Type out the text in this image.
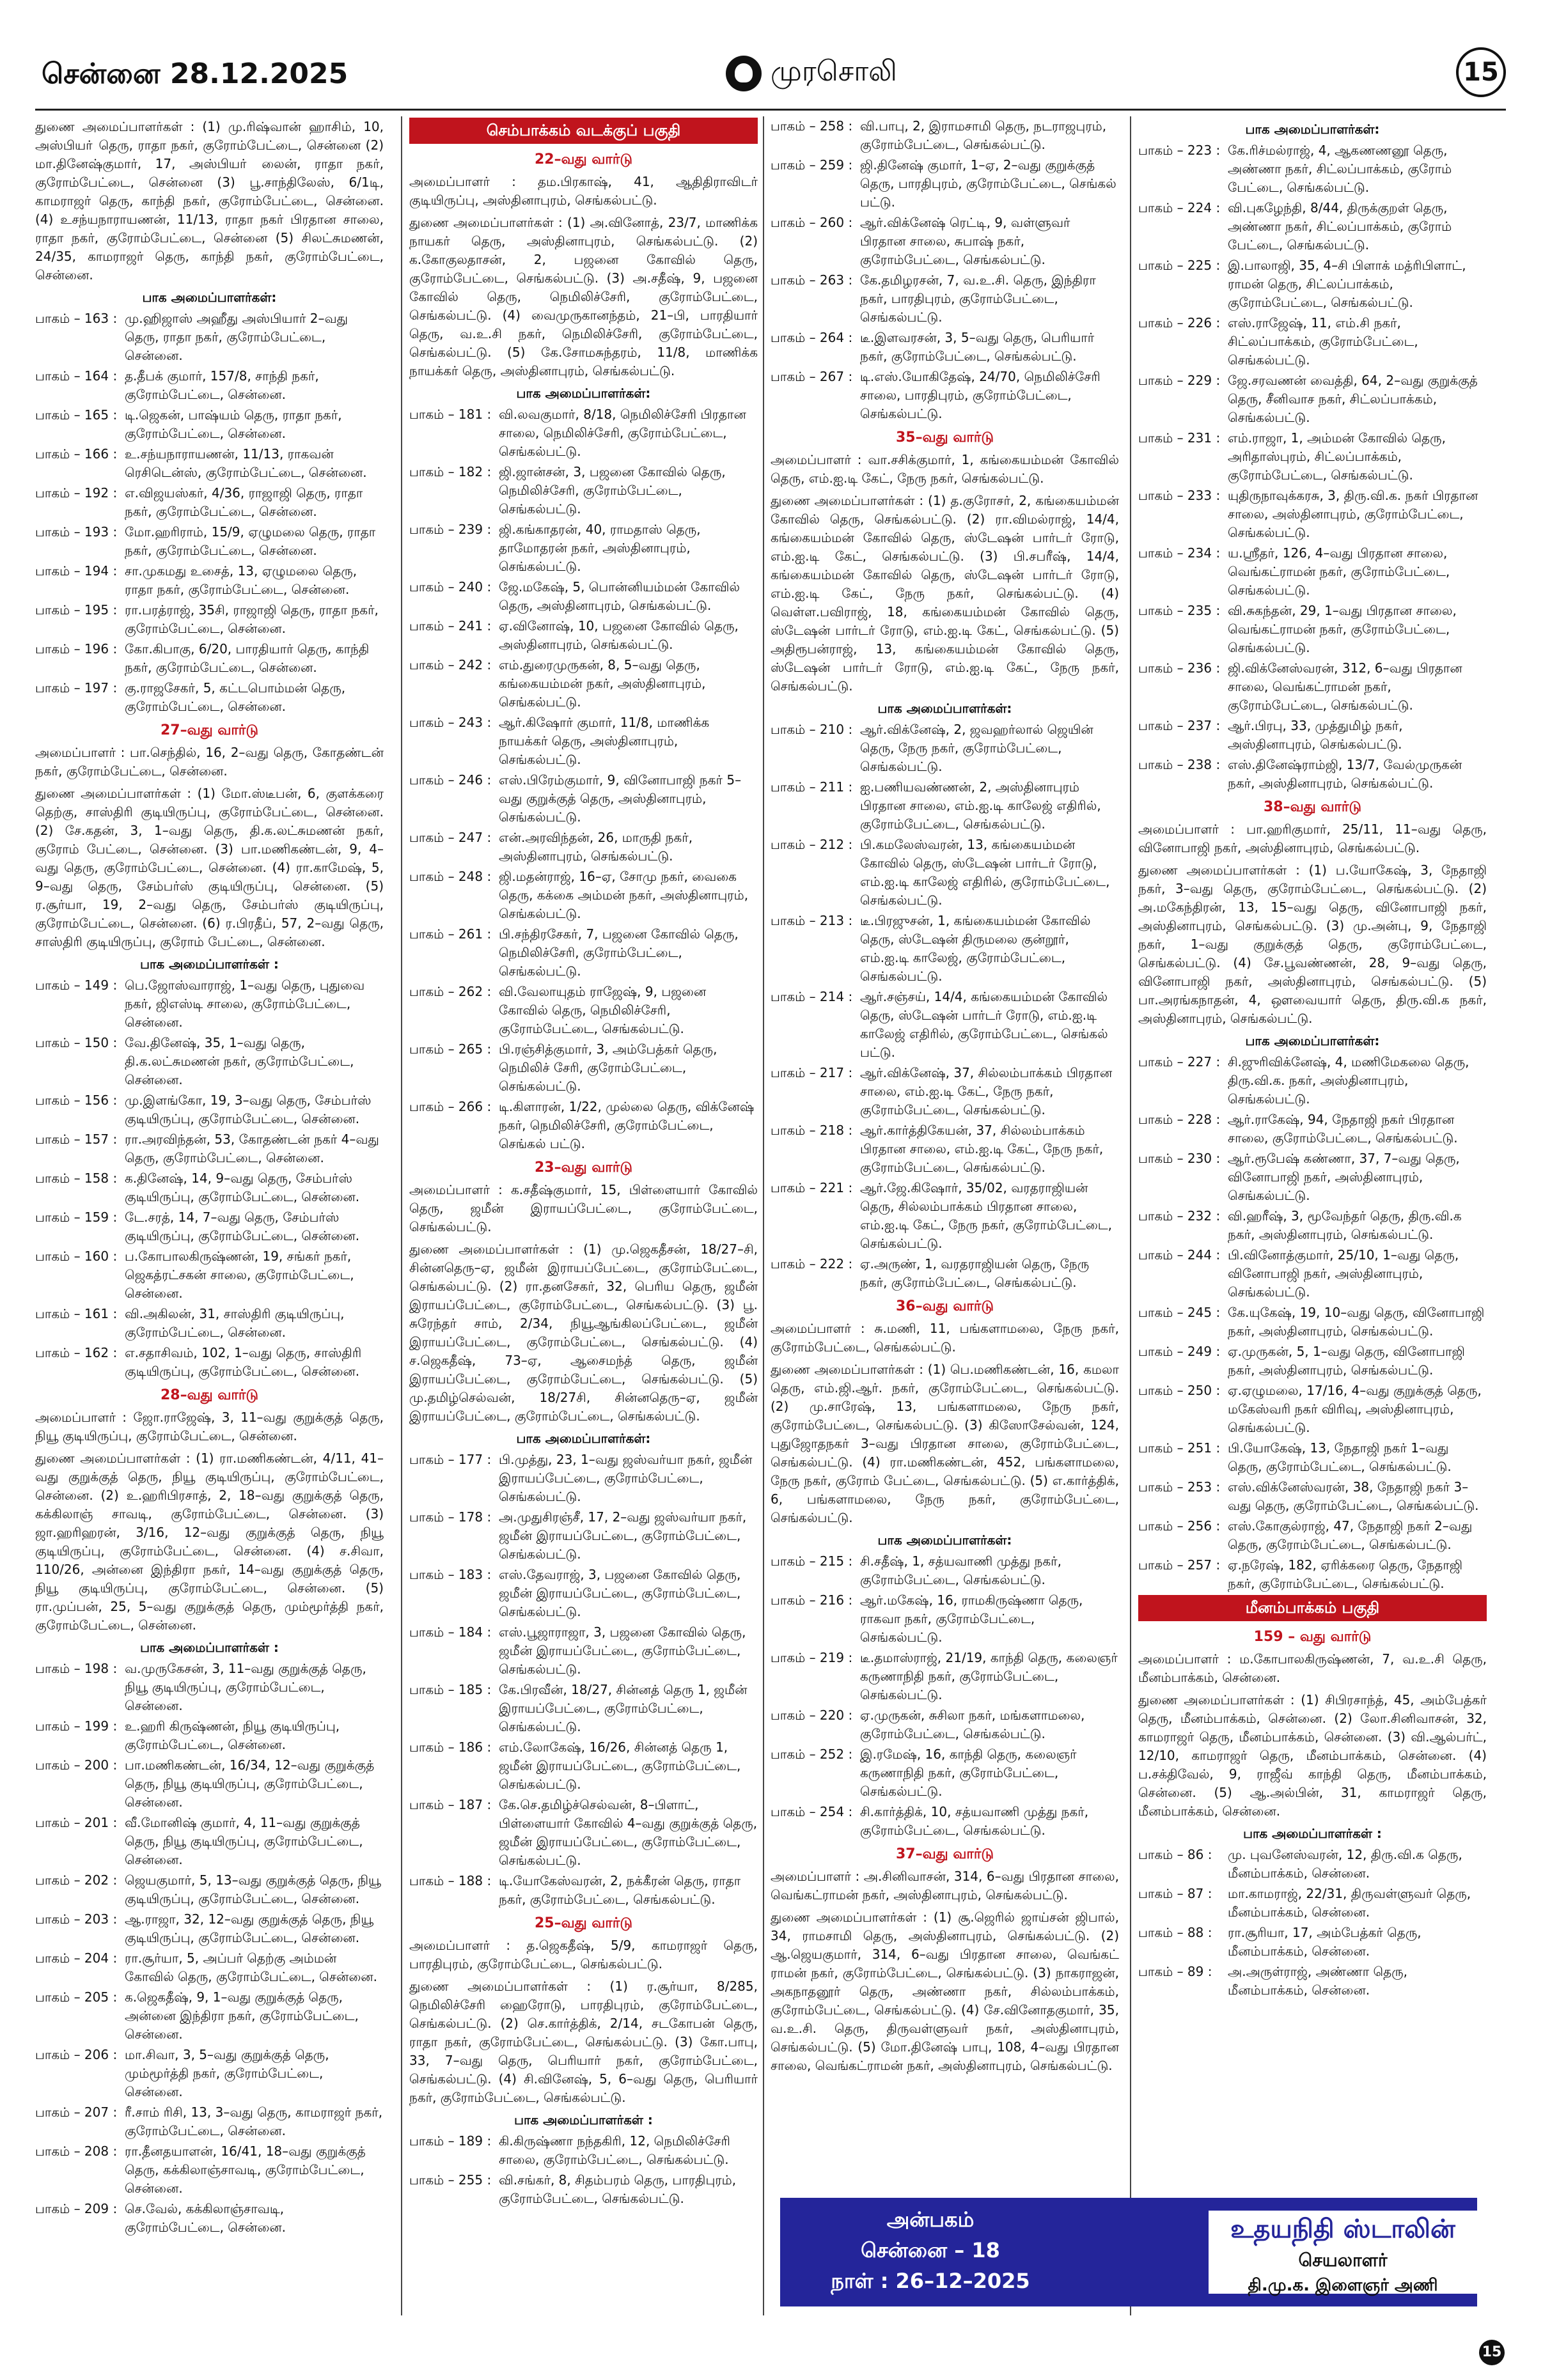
சென்னை 28.12.2025	முரசொலி	15
துணை அமைப்பாளர்கள் : (1) மு.ரிஷ்வான் ஹாசிம், 10, அஸ்பியா் தெரு, ராதா நகர், குரோம்பேட்டை, சென்னை (2) மா.தினேஷ்குமார், 17, அஸ்பியா் லைன், ராதா நகர், குரோம்பேட்டை, சென்னை (3) பூ.சாந்திலேஸ், 6/1டி, காமராஜர் தெரு, காந்தி நகர், குரோம்பேட்டை, சென்னை. (4) உசந்யநாராயணன், 11/13, ராதா நகர் பிரதான சாலை, ராதா நகர், குரோம்பேட்டை, சென்னை (5) சிலட்சுமணன், 24/35, காமராஜர் தெரு, காந்தி நகர், குரோம்பேட்டை, சென்னை.
பாக அமைப்பாளர்கள்:
பாகம் – 163 : மு.ஹிஜாஸ் அஹீது அஸ்பியார் 2–வது தெரு, ராதா நகர், குரோம்பேட்டை, சென்னை.
பாகம் – 164 : த.தீபக் குமார், 157/8, சாந்தி நகர், குரோம்பேட்டை, சென்னை.
பாகம் – 165 : டி.ஜெகன், பாஷ்யம் தெரு, ராதா நகர், குரோம்பேட்டை, சென்னை.
பாகம் – 166 : உ.சந்யநாராயணன், 11/13, ராகவன் ரெசிடென்ஸ், குரோம்பேட்டை, சென்னை.
பாகம் – 192 : எ.விஜயஸ்கர், 4/36, ராஜாஜி தெரு, ராதா நகர், குரோம்பேட்டை, சென்னை.
பாகம் – 193 : மோ.ஹரிராம், 15/9, ஏழுமலை தெரு, ராதா நகர், குரோம்பேட்டை, சென்னை.
பாகம் – 194 : சா.முகமது உசைத், 13, ஏழுமலை தெரு, ராதா நகர், குரோம்பேட்டை, சென்னை.
பாகம் – 195 : ரா.பரத்ராஜ், 35சி, ராஜாஜி தெரு, ராதா நகர், குரோம்பேட்டை, சென்னை.
பாகம் – 196 : கோ.கிபாகு, 6/20, பாரதியார் தெரு, காந்தி நகர், குரோம்பேட்டை, சென்னை.
பாகம் – 197 : கு.ராஜசேகர், 5, கட்டபொம்மன் தெரு, குரோம்பேட்டை, சென்னை.
27–வது வார்டு
அமைப்பாளர் : பா.செந்தில், 16, 2–வது தெரு, கோதண்டன் நகர், குரோம்பேட்டை, சென்னை.
துணை அமைப்பாளர்கள் : (1) மோ.ஸ்டீபன், 6, குளக்கரை தெற்கு, சாஸ்திரி குடியிருப்பு, குரோம்பேட்டை, சென்னை. (2) சே.கதன், 3, 1–வது தெரு, தி.க.லட்சுமணன் நகர், குரோம் பேட்டை, சென்னை. (3) பா.மணிகண்டன், 9, 4–வது தெரு, குரோம்பேட்டை, சென்னை. (4) ரா.காமேஷ், 5, 9–வது தெரு, சேம்பர்ஸ் குடியிருப்பு, சென்னை. (5) ர.சூர்யா, 19, 2–வது தெரு, சேம்பர்ஸ் குடியிருப்பு, குரோம்பேட்டை, சென்னை. (6) ர.பிரதீப், 57, 2–வது தெரு, சாஸ்திரி குடியிருப்பு, குரோம் பேட்டை, சென்னை.
பாக அமைப்பாளர்கள் :
பாகம் – 149 : பெ.ஜோஸ்வாராஜ், 1–வது தெரு, புதுவை நகர், ஜிஎஸ்டி சாலை, குரோம்பேட்டை, சென்னை.
பாகம் – 150 : வே.தினேஷ், 35, 1–வது தெரு, தி.க.லட்சுமணன் நகர், குரோம்பேட்டை, சென்னை.
பாகம் – 156 : மு.இளங்கோ, 19, 3–வது தெரு, சேம்பர்ஸ் குடியிருப்பு, குரோம்பேட்டை, சென்னை.
பாகம் – 157 : ரா.அரவிந்தன், 53, கோதண்டன் நகர் 4–வது தெரு, குரோம்பேட்டை, சென்னை.
பாகம் – 158 : க.தினேஷ், 14, 9–வது தெரு, சேம்பர்ஸ் குடியிருப்பு, குரோம்பேட்டை, சென்னை.
பாகம் – 159 : டே.சரத், 14, 7–வது தெரு, சேம்பர்ஸ் குடியிருப்பு, குரோம்பேட்டை, சென்னை.
பாகம் – 160 : ப.கோபாலகிருஷ்ணன், 19, சங்கர் நகர், ஜெகத்ரட்சகன் சாலை, குரோம்பேட்டை, சென்னை.
பாகம் – 161 : வி.அகிலன், 31, சாஸ்திரி குடியிருப்பு, குரோம்பேட்டை, சென்னை.
பாகம் – 162 : எ.சதாசிவம், 102, 1–வது தெரு, சாஸ்திரி குடியிருப்பு, குரோம்பேட்டை, சென்னை.
28–வது வார்டு
அமைப்பாளர் : ஜோ.ராஜேஷ், 3, 11–வது குறுக்குத் தெரு, நியூ குடியிருப்பு, குரோம்பேட்டை, சென்னை.
துணை அமைப்பாளர்கள் : (1) ரா.மணிகண்டன், 4/11, 41–வது குறுக்குத் தெரு, நியூ குடியிருப்பு, குரோம்பேட்டை, சென்னை. (2) உ.ஹரிபிரசாத், 2, 18–வது குறுக்குத் தெரு, கக்கிலாஞ் சாவடி, குரோம்பேட்டை, சென்னை. (3) ஜா.ஹரிஹரன், 3/16, 12–வது குறுக்குத் தெரு, நியூ குடியிருப்பு, குரோம்பேட்டை, சென்னை. (4) ச.சிவா, 110/26, அன்னை இந்திரா நகர், 14–வது குறுக்குத் தெரு, நியூ குடியிருப்பு, குரோம்பேட்டை, சென்னை. (5) ரா.முப்பன், 25, 5–வது குறுக்குத் தெரு, மும்மூர்த்தி நகர், குரோம்பேட்டை, சென்னை.
பாக அமைப்பாளர்கள் :
பாகம் – 198 : வ.முருகேசன், 3, 11–வது குறுக்குத் தெரு, நியூ குடியிருப்பு, குரோம்பேட்டை, சென்னை.
பாகம் – 199 : உ.ஹரி கிருஷ்ணன், நியூ குடியிருப்பு, குரோம்பேட்டை, சென்னை.
பாகம் – 200 : பா.மணிகண்டன், 16/34, 12–வது குறுக்குத் தெரு, நியூ குடியிருப்பு, குரோம்பேட்டை, சென்னை.
பாகம் – 201 : வீ.மோனிஷ் குமார், 4, 11–வது குறுக்குத் தெரு, நியூ குடியிருப்பு, குரோம்பேட்டை, சென்னை.
பாகம் – 202 : ஜெயகுமார், 5, 13–வது குறுக்குத் தெரு, நியூ குடியிருப்பு, குரோம்பேட்டை, சென்னை.
பாகம் – 203 : ஆ.ராஜா, 32, 12–வது குறுக்குத் தெரு, நியூ குடியிருப்பு, குரோம்பேட்டை, சென்னை.
பாகம் – 204 : ரா.சூர்யா, 5, அப்பர் தெற்கு அம்மன் கோவில் தெரு, குரோம்பேட்டை, சென்னை.
பாகம் – 205 : க.ஜெகதீஷ், 9, 1–வது குறுக்குத் தெரு, அன்னை இந்திரா நகர், குரோம்பேட்டை, சென்னை.
பாகம் – 206 : மா.சிவா, 3, 5–வது குறுக்குத் தெரு, மும்மூர்த்தி நகர், குரோம்பேட்டை, சென்னை.
பாகம் – 207 : ரீ.சாம் ரிசி, 13, 3–வது தெரு, காமராஜர் நகர், குரோம்பேட்டை, சென்னை.
பாகம் – 208 : ரா.தீனதயாளன், 16/41, 18–வது குறுக்குத் தெரு, கக்கிலாஞ்சாவடி, குரோம்பேட்டை, சென்னை.
பாகம் – 209 : செ.வேல், கக்கிலாஞ்சாவடி, குரோம்பேட்டை, சென்னை.
செம்பாக்கம் வடக்குப் பகுதி
22–வது வார்டு
அமைப்பாளர் : தம.பிரகாஷ், 41, ஆதிதிராவிடர் குடியிருப்பு, அஸ்தினாபுரம், செங்கல்பட்டு.
துணை அமைப்பாளர்கள் : (1) அ.வினோத், 23/7, மாணிக்க நாயகர் தெரு, அஸ்தினாபுரம், செங்கல்பட்டு. (2) க.கோகுலதாசன், 2, பஜனை கோவில் தெரு, குரோம்பேட்டை, செங்கல்பட்டு. (3) அ.சதீஷ், 9, பஜனை கோவில் தெரு, நெமிலிச்சேரி, குரோம்பேட்டை, செங்கல்பட்டு. (4) வைமுருகானந்தம், 21–பி, பாரதியார் தெரு, வ.உ.சி நகர், நெமிலிச்சேரி, குரோம்பேட்டை, செங்கல்பட்டு. (5) கே.சோமசுந்தரம், 11/8, மாணிக்க நாயக்கர் தெரு, அஸ்தினாபுரம், செங்கல்பட்டு.
பாக அமைப்பாளர்கள்:
பாகம் – 181 : வி.லவகுமார், 8/18, நெமிலிச்சேரி பிரதான சாலை, நெமிலிச்சேரி, குரோம்பேட்டை, செங்கல்பட்டு.
பாகம் – 182 : ஜி.ஜான்சன், 3, பஜனை கோவில் தெரு, நெமிலிச்சேரி, குரோம்பேட்டை, செங்கல்பட்டு.
பாகம் – 239 : ஜி.கங்காதரன், 40, ராமதாஸ் தெரு, தாமோதரன் நகர், அஸ்தினாபுரம், செங்கல்பட்டு.
பாகம் – 240 : ஜே.மகேஷ், 5, பொன்னியம்மன் கோவில் தெரு, அஸ்தினாபுரம், செங்கல்பட்டு.
பாகம் – 241 : ஏ.வினோஷ், 10, பஜனை கோவில் தெரு, அஸ்தினாபுரம், செங்கல்பட்டு.
பாகம் – 242 : எம்.துரைமுருகன், 8, 5–வது தெரு, கங்கையம்மன் நகர், அஸ்தினாபுரம், செங்கல்பட்டு.
பாகம் – 243 : ஆர்.கிஷோர் குமார், 11/8, மாணிக்க நாயக்கர் தெரு, அஸ்தினாபுரம், செங்கல்பட்டு.
பாகம் – 246 : எஸ்.பிரேம்குமார், 9, வினோபாஜி நகர் 5–வது குறுக்குத் தெரு, அஸ்தினாபுரம், செங்கல்பட்டு.
பாகம் – 247 : என்.அரவிந்தன், 26, மாருதி நகர், அஸ்தினாபுரம், செங்கல்பட்டு.
பாகம் – 248 : ஜி.மதன்ராஜ், 16–ஏ, சோமு நகர், வைகை தெரு, கக்கை அம்மன் நகர், அஸ்தினாபுரம், செங்கல்பட்டு.
பாகம் – 261 : பி.சந்திரசேகர், 7, பஜனை கோவில் தெரு, நெமிலிச்சேரி, குரோம்பேட்டை, செங்கல்பட்டு.
பாகம் – 262 : வி.வேலாயுதம் ராஜேஷ், 9, பஜனை கோவில் தெரு, நெமிலிச்சேரி, குரோம்பேட்டை, செங்கல்பட்டு.
பாகம் – 265 : பி.ரஞ்சித்குமார், 3, அம்பேத்கர் தெரு, நெமிலிச் சேரி, குரோம்பேட்டை, செங்கல்பட்டு.
பாகம் – 266 : டி.கிளாரன், 1/22, முல்லை தெரு, விக்னேஷ் நகர், நெமிலிச்சேரி, குரோம்பேட்டை, செங்கல் பட்டு.
23–வது வார்டு
அமைப்பாளர் : க.சதீஷ்குமார், 15, பிள்ளையார் கோவில் தெரு, ஜமீன் இராயப்பேட்டை, குரோம்பேட்டை, செங்கல்பட்டு.
துணை அமைப்பாளர்கள் : (1) மு.ஜெகதீசன், 18/27–சி, சின்னதெரு–ஏ, ஜமீன் இராயப்பேட்டை, குரோம்பேட்டை, செங்கல்பட்டு. (2) ரா.தனசேகர், 32, பெரிய தெரு, ஜமீன் இராயப்பேட்டை, குரோம்பேட்டை, செங்கல்பட்டு. (3) பூ. சுரேந்தர் சாம், 2/34, நியூஆங்கிலப்பேட்டை, ஜமீன் இராயப்பேட்டை, குரோம்பேட்டை, செங்கல்பட்டு. (4) ச.ஜெகதீஷ், 73–ஏ, ஆசைமந்த் தெரு, ஜமீன் இராயப்பேட்டை, குரோம்பேட்டை, செங்கல்பட்டு. (5) மு.தமிழ்செல்வன், 18/27சி, சின்னதெரு–ஏ, ஜமீன் இராயப்பேட்டை, குரோம்பேட்டை, செங்கல்பட்டு.
பாக அமைப்பாளர்கள்:
பாகம் – 177 : பி.முத்து, 23, 1–வது ஜஸ்வர்யா நகர், ஜமீன் இராயப்பேட்டை, குரோம்பேட்டை, செங்கல்பட்டு.
பாகம் – 178 : அ.முதுசிரஞ்சீ, 17, 2–வது ஜஸ்வர்யா நகர், ஜமீன் இராயப்பேட்டை, குரோம்பேட்டை, செங்கல்பட்டு.
பாகம் – 183 : எஸ்.தேவராஜ், 3, பஜனை கோவில் தெரு, ஜமீன் இராயப்பேட்டை, குரோம்பேட்டை, செங்கல்பட்டு.
பாகம் – 184 : எஸ்.பூஜாராஜா, 3, பஜனை கோவில் தெரு, ஜமீன் இராயப்பேட்டை, குரோம்பேட்டை, செங்கல்பட்டு.
பாகம் – 185 : கே.பிரவீன், 18/27, சின்னத் தெரு 1, ஜமீன் இராயப்பேட்டை, குரோம்பேட்டை, செங்கல்பட்டு.
பாகம் – 186 : எம்.லோகேஷ், 16/26, சின்னத் தெரு 1, ஜமீன் இராயப்பேட்டை, குரோம்பேட்டை, செங்கல்பட்டு.
பாகம் – 187 : கே.செ.தமிழ்ச்செல்வன், 8–பிளாட், பிள்ளையார் கோவில் 4–வது குறுக்குத் தெரு, ஜமீன் இராயப்பேட்டை, குரோம்பேட்டை, செங்கல்பட்டு.
பாகம் – 188 : டி.யோகேஸ்வரன், 2, நக்கீரன் தெரு, ராதா நகர், குரோம்பேட்டை, செங்கல்பட்டு.
25–வது வார்டு
அமைப்பாளர் : த.ஜெகதீஷ், 5/9, காமராஜர் தெரு, பாரதிபுரம், குரோம்பேட்டை, செங்கல்பட்டு.
துணை அமைப்பாளர்கள் : (1) ர.சூர்யா, 8/285, நெமிலிச்சேரி ஹைரோடு, பாரதிபுரம், குரோம்பேட்டை, செங்கல்பட்டு. (2) செ.கார்த்திக், 2/14, சடகோபன் தெரு, ராதா நகர், குரோம்பேட்டை, செங்கல்பட்டு. (3) கோ.பாபு, 33, 7–வது தெரு, பெரியார் நகர், குரோம்பேட்டை, செங்கல்பட்டு. (4) சி.வினேஷ், 5, 6–வது தெரு, பெரியார் நகர், குரோம்பேட்டை, செங்கல்பட்டு.
பாக அமைப்பாளர்கள் :
பாகம் – 189 : கி.கிருஷ்ணா நந்தகிரி, 12, நெமிலிச்சேரி சாலை, குரோம்பேட்டை, செங்கல்பட்டு.
பாகம் – 255 : வி.சங்கர், 8, சிதம்பரம் தெரு, பாரதிபுரம், குரோம்பேட்டை, செங்கல்பட்டு.
பாகம் – 258 : வி.பாபு, 2, இராமசாமி தெரு, நடராஜபுரம், குரோம்பேட்டை, செங்கல்பட்டு.
பாகம் – 259 : ஜி.தினேஷ் குமார், 1–ஏ, 2–வது குறுக்குத் தெரு, பாரதிபுரம், குரோம்பேட்டை, செங்கல் பட்டு.
பாகம் – 260 : ஆர்.விக்னேஷ் ரெட்டி, 9, வள்ளுவர் பிரதான சாலை, சுபாஷ் நகர், குரோம்பேட்டை, செங்கல்பட்டு.
பாகம் – 263 : கே.தமிழரசன், 7, வ.உ.சி. தெரு, இந்திரா நகர், பாரதிபுரம், குரோம்பேட்டை, செங்கல்பட்டு.
பாகம் – 264 : டீ.இளவரசன், 3, 5–வது தெரு, பெரியார் நகர், குரோம்பேட்டை, செங்கல்பட்டு.
பாகம் – 267 : டி.எஸ்.யோகிதேஷ், 24/70, நெமிலிச்சேரி சாலை, பாரதிபுரம், குரோம்பேட்டை, செங்கல்பட்டு.
35–வது வார்டு
அமைப்பாளர் : வா.சசிக்குமார், 1, கங்கையம்மன் கோவில் தெரு, எம்.ஐ.டி கேட், நேரு நகர், செங்கல்பட்டு.
துணை அமைப்பாளர்கள் : (1) த.குரோசர், 2, கங்கையம்மன் கோவில் தெரு, செங்கல்பட்டு. (2) ரா.விமல்ராஜ், 14/4, கங்கையம்மன் கோவில் தெரு, ஸ்டேஷன் பார்டர் ரோடு, எம்.ஐ.டி கேட், செங்கல்பட்டு. (3) பி.சபரீஷ், 14/4, கங்கையம்மன் கோவில் தெரு, ஸ்டேஷன் பார்டர் ரோடு, எம்.ஐ.டி கேட், நேரு நகர், செங்கல்பட்டு. (4) வெள்ள.பவிராஜ், 18, கங்கையம்மன் கோவில் தெரு, ஸ்டேஷன் பார்டர் ரோடு, எம்.ஐ.டி கேட், செங்கல்பட்டு. (5) அதிரூபன்ராஜ், 13, கங்கையம்மன் கோவில் தெரு, ஸ்டேஷன் பார்டர் ரோடு, எம்.ஐ.டி கேட், நேரு நகர், செங்கல்பட்டு.
பாக அமைப்பாளர்கள்:
பாகம் – 210 : ஆர்.விக்னேஷ், 2, ஜவஹர்லால் ஜெயின் தெரு, நேரு நகர், குரோம்பேட்டை, செங்கல்பட்டு.
பாகம் – 211 : ஐ.பணியவண்ணன், 2, அஸ்தினாபுரம் பிரதான சாலை, எம்.ஐ.டி காலேஜ் எதிரில், குரோம்பேட்டை, செங்கல்பட்டு.
பாகம் – 212 : பி.கமலேஸ்வரன், 13, கங்கையம்மன் கோவில் தெரு, ஸ்டேஷன் பார்டர் ரோடு, எம்.ஐ.டி காலேஜ் எதிரில், குரோம்பேட்டை, செங்கல்பட்டு.
பாகம் – 213 : டீ.பிரஜுசன், 1, கங்கையம்மன் கோவில் தெரு, ஸ்டேஷன் திருமலை குன்றூர், எம்.ஐ.டி காலேஜ், குரோம்பேட்டை, செங்கல்பட்டு.
பாகம் – 214 : ஆர்.சஞ்சய், 14/4, கங்கையம்மன் கோவில் தெரு, ஸ்டேஷன் பார்டர் ரோடு, எம்.ஐ.டி காலேஜ் எதிரில், குரோம்பேட்டை, செங்கல் பட்டு.
பாகம் – 217 : ஆர்.விக்னேஷ், 37, சில்லம்பாக்கம் பிரதான சாலை, எம்.ஐ.டி கேட், நேரு நகர், குரோம்பேட்டை, செங்கல்பட்டு.
பாகம் – 218 : ஆர்.கார்த்திகேயன், 37, சில்லம்பாக்கம் பிரதான சாலை, எம்.ஐ.டி கேட், நேரு நகர், குரோம்பேட்டை, செங்கல்பட்டு.
பாகம் – 221 : ஆர்.ஜே.கிஷோர், 35/02, வரதராஜியன் தெரு, சில்லம்பாக்கம் பிரதான சாலை, எம்.ஐ.டி கேட், நேரு நகர், குரோம்பேட்டை, செங்கல்பட்டு.
பாகம் – 222 : ஏ.அருண், 1, வரதராஜியன் தெரு, நேரு நகர், குரோம்பேட்டை, செங்கல்பட்டு.
36–வது வார்டு
அமைப்பாளர் : சு.மணி, 11, பங்களாமலை, நேரு நகர், குரோம்பேட்டை, செங்கல்பட்டு.
துணை அமைப்பாளர்கள் : (1) பெ.மணிகண்டன், 16, கமலா தெரு, எம்.ஜி.ஆர். நகர், குரோம்பேட்டை, செங்கல்பட்டு. (2) மு.சாரேஷ், 13, பங்களாமலை, நேரு நகர், குரோம்பேட்டை, செங்கல்பட்டு. (3) கிஸோசேல்வன், 124, புதுஜோதநகர் 3–வது பிரதான சாலை, குரோம்பேட்டை, செங்கல்பட்டு. (4) ரா.மணிகண்டன், 452, பங்களாமலை, நேரு நகர், குரோம் பேட்டை, செங்கல்பட்டு. (5) எ.கார்த்திக், 6, பங்களாமலை, நேரு நகர், குரோம்பேட்டை, செங்கல்பட்டு.
பாக அமைப்பாளர்கள்:
பாகம் – 215 : சி.சதீஷ், 1, சத்யவாணி முத்து நகர், குரோம்பேட்டை, செங்கல்பட்டு.
பாகம் – 216 : ஆர்.மகேஷ், 16, ராமகிருஷ்ணா தெரு, ராகவா நகர், குரோம்பேட்டை, செங்கல்பட்டு.
பாகம் – 219 : டீ.தமாஸ்ராஜ், 21/19, காந்தி தெரு, கலைஞர் கருணாநிதி நகர், குரோம்பேட்டை, செங்கல்பட்டு.
பாகம் – 220 : ஏ.முருகன், சுசிலா நகர், மங்களாமலை, குரோம்பேட்டை, செங்கல்பட்டு.
பாகம் – 252 : இ.ரமேஷ், 16, காந்தி தெரு, கலைஞர் கருணாநிதி நகர், குரோம்பேட்டை, செங்கல்பட்டு.
பாகம் – 254 : சி.கார்த்திக், 10, சத்யவாணி முத்து நகர், குரோம்பேட்டை, செங்கல்பட்டு.
37–வது வார்டு
அமைப்பாளர் : அ.சினிவாசன், 314, 6–வது பிரதான சாலை, வெங்கட்ராமன் நகர், அஸ்தினாபுரம், செங்கல்பட்டு.
துணை அமைப்பாளர்கள் : (1) சூ.ஜெரில் ஜாய்சன் ஜிபால், 34, ராமசாமி தெரு, அஸ்தினாபுரம், செங்கல்பட்டு. (2) ஆ.ஜெயகுமார், 314, 6–வது பிரதான சாலை, வெங்கட் ராமன் நகர், குரோம்பேட்டை, செங்கல்பட்டு. (3) நாகராஜன், அகநாதனூர் தெரு, அண்ணா நகர், சில்லம்பாக்கம், குரோம்பேட்டை, செங்கல்பட்டு. (4) சே.வினோதகுமார், 35, வ.உ.சி. தெரு, திருவள்ளுவர் நகர், அஸ்தினாபுரம், செங்கல்பட்டு. (5) மோ.தினேஷ் பாபு, 108, 4–வது பிரதான சாலை, வெங்கட்ராமன் நகர், அஸ்தினாபுரம், செங்கல்பட்டு.
பாக அமைப்பாளர்கள்:
பாகம் – 223 : கே.ரிச்மல்ராஜ், 4, ஆகணணனூ தெரு, அண்ணா நகர், சிட்லப்பாக்கம், குரோம் பேட்டை, செங்கல்பட்டு.
பாகம் – 224 : வி.புகழேந்தி, 8/44, திருக்குறள் தெரு, அண்ணா நகர், சிட்லப்பாக்கம், குரோம் பேட்டை, செங்கல்பட்டு.
பாகம் – 225 : இ.பாலாஜி, 35, 4–சி பிளாக் மத்ரிபிளாட், ராமன் தெரு, சிட்லப்பாக்கம், குரோம்பேட்டை, செங்கல்பட்டு.
பாகம் – 226 : எஸ்.ராஜேஷ், 11, எம்.சி நகர், சிட்லப்பாக்கம், குரோம்பேட்டை, செங்கல்பட்டு.
பாகம் – 229 : ஜே.சரவணன் வைத்தி, 64, 2–வது குறுக்குத் தெரு, சீனிவாச நகர், சிட்லப்பாக்கம், செங்கல்பட்டு.
பாகம் – 231 : எம்.ராஜா, 1, அம்மன் கோவில் தெரு, அரிதாஸ்புரம், சிட்லப்பாக்கம், குரோம்பேட்டை, செங்கல்பட்டு.
பாகம் – 233 : யுதிருநாவுக்கரசு, 3, திரு.வி.க. நகர் பிரதான சாலை, அஸ்தினாபுரம், குரோம்பேட்டை, செங்கல்பட்டு.
பாகம் – 234 : ய.ஸ்ரீதர், 126, 4–வது பிரதான சாலை, வெங்கட்ராமன் நகர், குரோம்பேட்டை, செங்கல்பட்டு.
பாகம் – 235 : வி.சுகந்தன், 29, 1–வது பிரதான சாலை, வெங்கட்ராமன் நகர், குரோம்பேட்டை, செங்கல்பட்டு.
பாகம் – 236 : ஜி.விக்னேஸ்வரன், 312, 6–வது பிரதான சாலை, வெங்கட்ராமன் நகர், குரோம்பேட்டை, செங்கல்பட்டு.
பாகம் – 237 : ஆர்.பிரபு, 33, முத்துமிழ் நகர், அஸ்தினாபுரம், செங்கல்பட்டு.
பாகம் – 238 : எஸ்.தினேஷ்ராம்ஜி, 13/7, வேல்முருகன் நகர், அஸ்தினாபுரம், செங்கல்பட்டு.
38–வது வார்டு
அமைப்பாளர் : பா.ஹரிகுமார், 25/11, 11–வது தெரு, வினோபாஜி நகர், அஸ்தினாபுரம், செங்கல்பட்டு.
துணை அமைப்பாளர்கள் : (1) ப.யோகேஷ், 3, நேதாஜி நகர், 3–வது தெரு, குரோம்பேட்டை, செங்கல்பட்டு. (2) அ.மகேந்திரன், 13, 15–வது தெரு, வினோபாஜி நகர், அஸ்தினாபுரம், செங்கல்பட்டு. (3) மு.அன்பு, 9, நேதாஜி நகர், 1–வது குறுக்குத் தெரு, குரோம்பேட்டை, செங்கல்பட்டு. (4) சே.பூவண்ணன், 28, 9–வது தெரு, வினோபாஜி நகர், அஸ்தினாபுரம், செங்கல்பட்டு. (5) பா.அரங்கநாதன், 4, ஔவையார் தெரு, திரு.வி.க நகர், அஸ்தினாபுரம், செங்கல்பட்டு.
பாக அமைப்பாளர்கள்:
பாகம் – 227 : சி.ஜுரிவிக்னேஷ், 4, மணிமேகலை தெரு, திரு.வி.க. நகர், அஸ்தினாபுரம், செங்கல்பட்டு.
பாகம் – 228 : ஆர்.ராகேஷ், 94, நேதாஜி நகர் பிரதான சாலை, குரோம்பேட்டை, செங்கல்பட்டு.
பாகம் – 230 : ஆர்.ரூபேஷ் கண்ணா, 37, 7–வது தெரு, வினோபாஜி நகர், அஸ்தினாபுரம், செங்கல்பட்டு.
பாகம் – 232 : வி.ஹரீஷ், 3, மூவேந்தர் தெரு, திரு.வி.க நகர், அஸ்தினாபுரம், செங்கல்பட்டு.
பாகம் – 244 : பி.வினோத்குமார், 25/10, 1–வது தெரு, வினோபாஜி நகர், அஸ்தினாபுரம், செங்கல்பட்டு.
பாகம் – 245 : கே.யுகேஷ், 19, 10–வது தெரு, வினோபாஜி நகர், அஸ்தினாபுரம், செங்கல்பட்டு.
பாகம் – 249 : ஏ.முருகன், 5, 1–வது தெரு, வினோபாஜி நகர், அஸ்தினாபுரம், செங்கல்பட்டு.
பாகம் – 250 : ஏ.ஏழுமலை, 17/16, 4–வது குறுக்குத் தெரு, மகேஸ்வரி நகர் விரிவு, அஸ்தினாபுரம், செங்கல்பட்டு.
பாகம் – 251 : பி.யோகேஷ், 13, நேதாஜி நகர் 1–வது தெரு, குரோம்பேட்டை, செங்கல்பட்டு.
பாகம் – 253 : எஸ்.விக்னேஸ்வரன், 38, நேதாஜி நகர் 3–வது தெரு, குரோம்பேட்டை, செங்கல்பட்டு.
பாகம் – 256 : எஸ்.கோகுல்ராஜ், 47, நேதாஜி நகர் 2–வது தெரு, குரோம்பேட்டை, செங்கல்பட்டு.
பாகம் – 257 : ஏ.நரேஷ், 182, ஏரிக்கரை தெரு, நேதாஜி நகர், குரோம்பேட்டை, செங்கல்பட்டு.
மீனம்பாக்கம் பகுதி
159 – வது வார்டு
அமைப்பாளர் : ம.கோபாலகிருஷ்ணன், 7, வ.உ.சி தெரு, மீனம்பாக்கம், சென்னை.
துணை அமைப்பாளர்கள் : (1) சிபிரசாந்த், 45, அம்பேத்கர் தெரு, மீனம்பாக்கம், சென்னை. (2) லோ.சினிவாசன், 32, காமராஜர் தெரு, மீனம்பாக்கம், சென்னை. (3) வி.ஆல்பர்ட், 12/10, காமராஜர் தெரு, மீனம்பாக்கம், சென்னை. (4) ப.சக்திவேல், 9, ராஜீவ் காந்தி தெரு, மீனம்பாக்கம், சென்னை. (5) ஆ.அல்பின், 31, காமராஜர் தெரு, மீனம்பாக்கம், சென்னை.
பாக அமைப்பாளர்கள் :
பாகம் – 86 :	மு. புவனேஸ்வரன், 12, திரு.வி.க தெரு, மீனம்பாக்கம், சென்னை.
பாகம் – 87 :	மா.காமராஜ், 22/31, திருவள்ளுவர் தெரு, மீனம்பாக்கம், சென்னை.
பாகம் – 88 :	ரா.சூரியா, 17, அம்பேத்கர் தெரு, மீனம்பாக்கம், சென்னை.
பாகம் – 89 :	அ.அருள்ராஜ், அண்ணா தெரு, மீனம்பாக்கம், சென்னை.
அன்பகம்
சென்னை – 18
நாள் : 26–12–2025
உதயநிதி ஸ்டாலின்
செயலாளர்
தி.மு.க. இளைஞர் அணி
15
